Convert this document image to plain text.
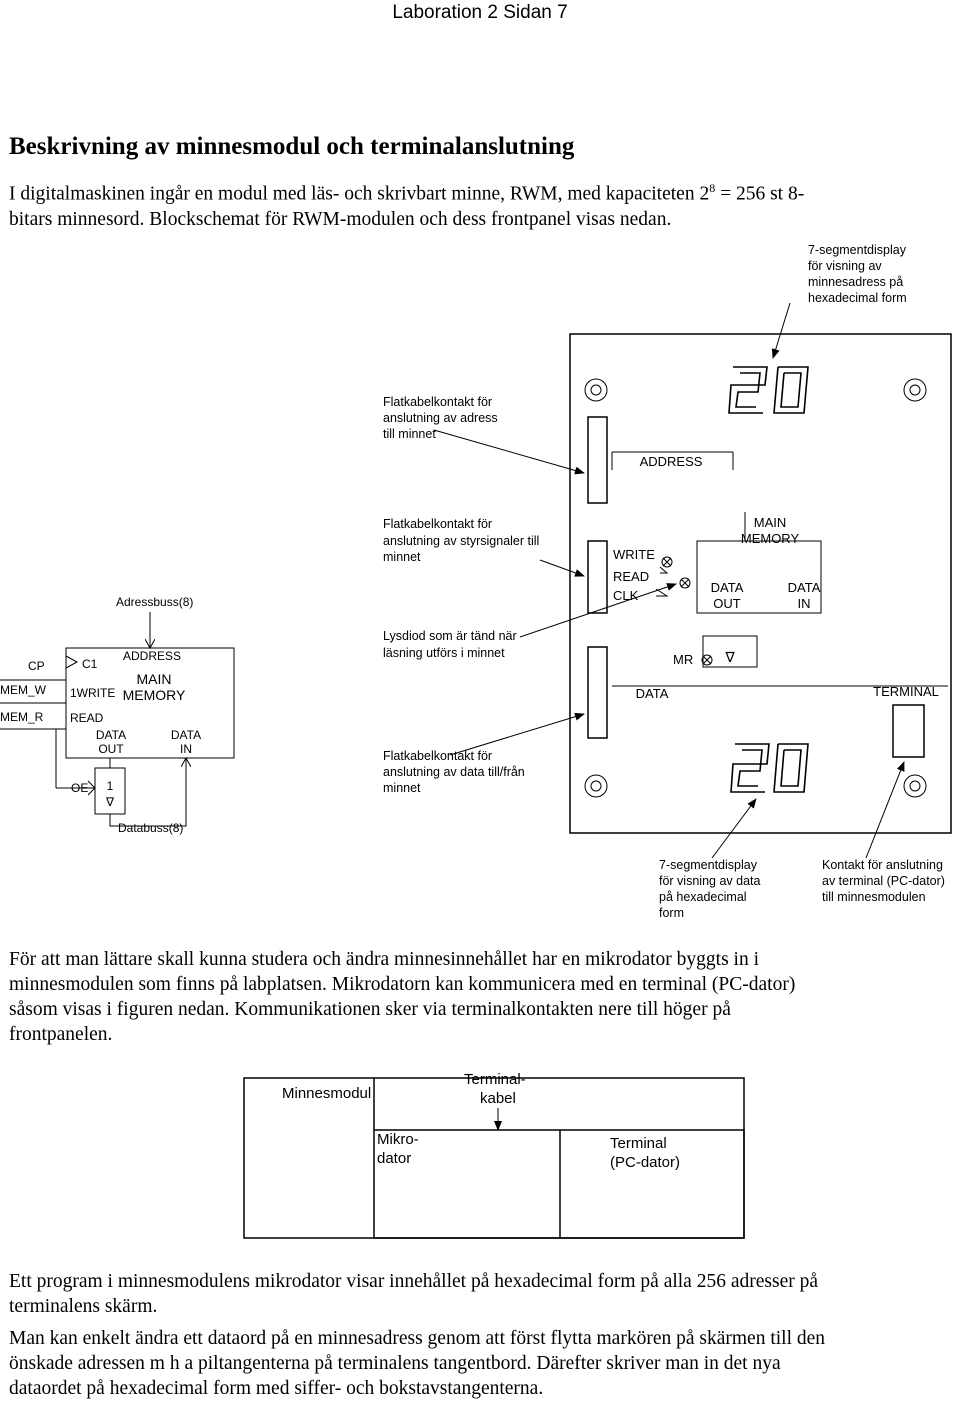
Laboration 2 Sidan 7
Beskrivning av minnesmodul och terminalanslutning

I digitalmaskinen ingår en modul med läs- och skrivbart minne, RWM, med kapaciteten $2^8 = 256$ st 8-
bitars minnesord. Blockschemat för RWM-modulen och dess frontpanel visas nedan.

CP
MEM_W
MEM_R
C1
1WRITE
READ
ADDRESS
MAIN
MEMORY
DATA
OUT
DATA
IN
OE 1
∇
Adressbuss(8)
Databuss(8)
ADDRESS
WRITE
READ
CLK
MAIN
MEMORY
DATA
OUT
DATA
IN
MR ∇
DATA	TERMINAL
7-segmentdisplay för visning av minnesadress på hexadecimal form
Flatkabelkontakt för anslutning av adress till minnet
Flatkabelkontakt för anslutning av styrsignaler till minnet
Lysdiod som är tänd när läsning utförs i minnet
Flatkabelkontakt för anslutning av data till/från minnet
7-segmentdisplay för visning av data på hexadecimal form
Kontakt för anslutning av terminal (PC-dator) till minnesmodulen

För att man lättare skall kunna studera och ändra minnesinnehållet har en mikrodator byggts in i
minnesmodulen som finns på labplatsen. Mikrodatorn kan kommunicera med en terminal (PC-dator)
såsom visas i figuren nedan. Kommunikationen sker via terminalkontakten nere till höger på
frontpanelen.

Minnesmodul
Terminal-
kabel
Mikro-
dator
Terminal
(PC-dator)

Ett program i minnesmodulens mikrodator visar innehållet på hexadecimal form på alla 256 adresser på
terminalens skärm.

Man kan enkelt ändra ett dataord på en minnesadress genom att först flytta markören på skärmen till den
önskade adressen m h a piltangenterna på terminalens tangentbord. Därefter skriver man in det nya
dataordet på hexadecimal form med siffer- och bokstavstangenterna.
